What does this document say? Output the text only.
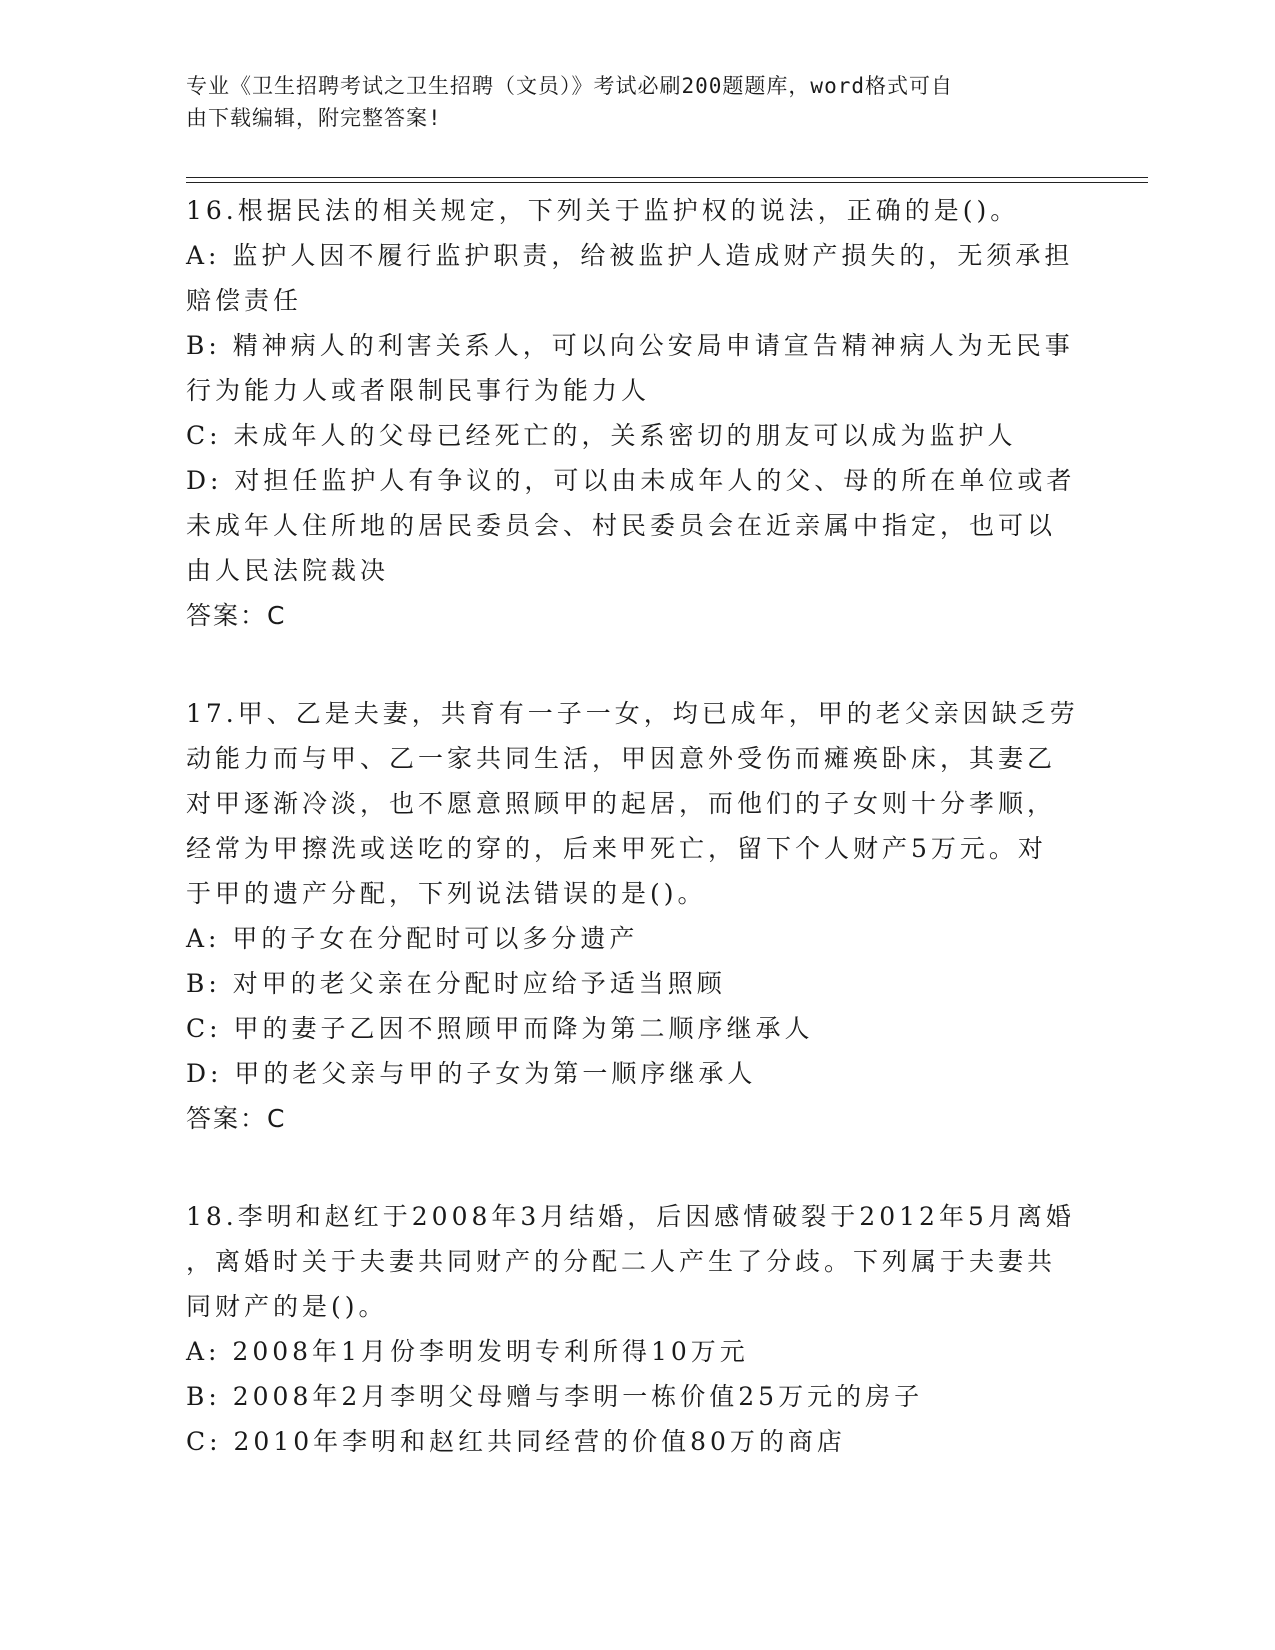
专业《卫生招聘考试之卫生招聘（文员）》考试必刷200题题库，word格式可自
由下载编辑，附完整答案!
16.根据民法的相关规定，下列关于监护权的说法，正确的是()。
A: 监护人因不履行监护职责，给被监护人造成财产损失的，无须承担
赔偿责任
B: 精神病人的利害关系人，可以向公安局申请宣告精神病人为无民事
行为能力人或者限制民事行为能力人
C: 未成年人的父母已经死亡的，关系密切的朋友可以成为监护人
D: 对担任监护人有争议的，可以由未成年人的父、母的所在单位或者
未成年人住所地的居民委员会、村民委员会在近亲属中指定，也可以
由人民法院裁决
答案：C
17.甲、乙是夫妻，共育有一子一女，均已成年，甲的老父亲因缺乏劳
动能力而与甲、乙一家共同生活，甲因意外受伤而瘫痪卧床，其妻乙
对甲逐渐冷淡，也不愿意照顾甲的起居，而他们的子女则十分孝顺，
经常为甲擦洗或送吃的穿的，后来甲死亡，留下个人财产5万元。对
于甲的遗产分配，下列说法错误的是()。
A: 甲的子女在分配时可以多分遗产
B: 对甲的老父亲在分配时应给予适当照顾
C: 甲的妻子乙因不照顾甲而降为第二顺序继承人
D: 甲的老父亲与甲的子女为第一顺序继承人
答案：C
18.李明和赵红于2008年3月结婚，后因感情破裂于2012年5月离婚
，离婚时关于夫妻共同财产的分配二人产生了分歧。下列属于夫妻共
同财产的是()。
A: 2008年1月份李明发明专利所得10万元
B: 2008年2月李明父母赠与李明一栋价值25万元的房子
C: 2010年李明和赵红共同经营的价值80万的商店
